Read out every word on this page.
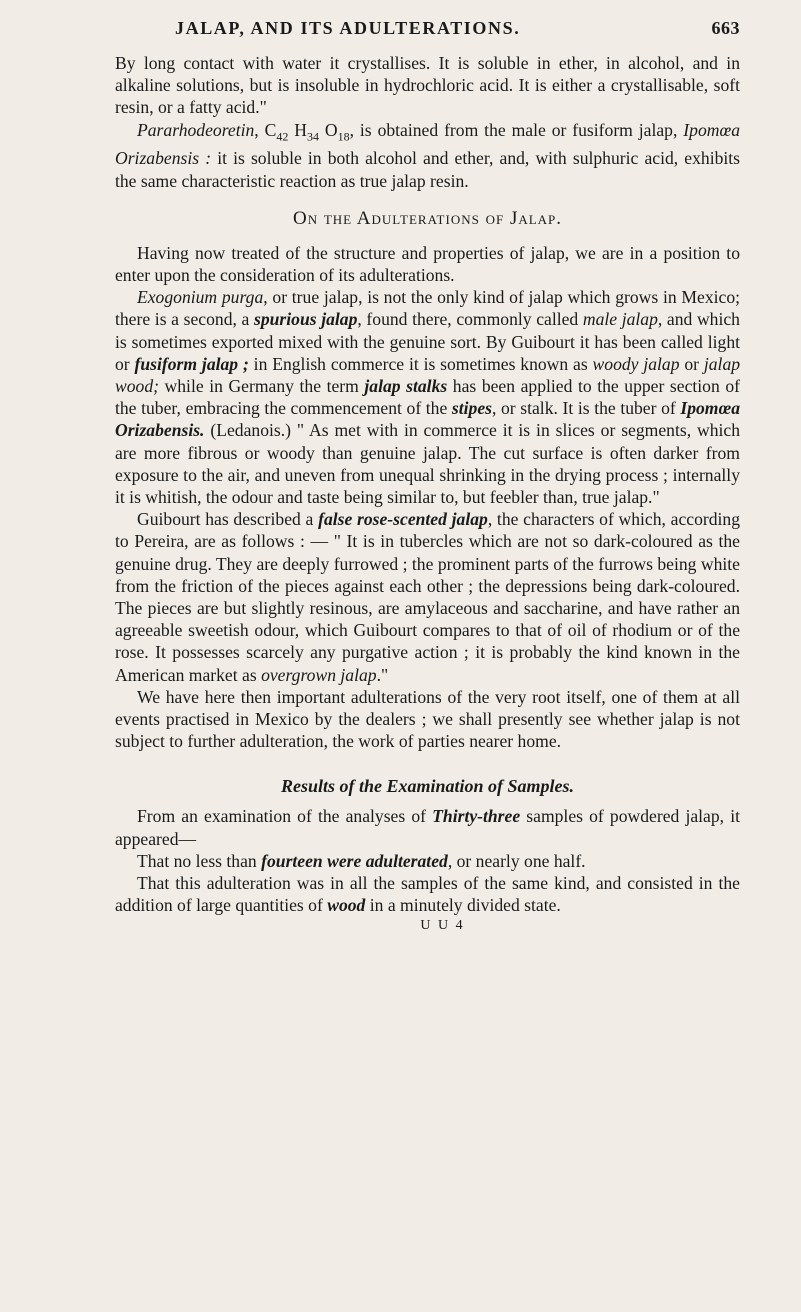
JALAP, AND ITS ADULTERATIONS.	663

By long contact with water it crystallises. It is soluble in ether, in alcohol, and in alkaline solutions, but is insoluble in hydrochloric acid. It is either a crystallisable, soft resin, or a fatty acid."

Pararhodeoretin, $C_{42}$ $H_{34}$ $O_{18}$, is obtained from the male or fusiform jalap, Ipomœa Orizabensis : it is soluble in both alcohol and ether, and, with sulphuric acid, exhibits the same characteristic reaction as true jalap resin.

On the Adulterations of Jalap.

Having now treated of the structure and properties of jalap, we are in a position to enter upon the consideration of its adulterations.

Exogonium purga, or true jalap, is not the only kind of jalap which grows in Mexico; there is a second, a spurious jalap, found there, commonly called male jalap, and which is sometimes exported mixed with the genuine sort. By Guibourt it has been called light or fusiform jalap ; in English commerce it is sometimes known as woody jalap or jalap wood; while in Germany the term jalap stalks has been applied to the upper section of the tuber, embracing the commencement of the stipes, or stalk. It is the tuber of Ipomœa Orizabensis. (Ledanois.) " As met with in commerce it is in slices or segments, which are more fibrous or woody than genuine jalap. The cut surface is often darker from exposure to the air, and uneven from unequal shrinking in the drying process ; internally it is whitish, the odour and taste being similar to, but feebler than, true jalap."

Guibourt has described a false rose-scented jalap, the characters of which, according to Pereira, are as follows : — " It is in tubercles which are not so dark-coloured as the genuine drug. They are deeply furrowed ; the prominent parts of the furrows being white from the friction of the pieces against each other ; the depressions being dark-coloured. The pieces are but slightly resinous, are amylaceous and saccharine, and have rather an agreeable sweetish odour, which Guibourt compares to that of oil of rhodium or of the rose. It possesses scarcely any purgative action ; it is probably the kind known in the American market as overgrown jalap."

We have here then important adulterations of the very root itself, one of them at all events practised in Mexico by the dealers ; we shall presently see whether jalap is not subject to further adulteration, the work of parties nearer home.

Results of the Examination of Samples.

From an examination of the analyses of Thirty-three samples of powdered jalap, it appeared—

That no less than fourteen were adulterated, or nearly one half.

That this adulteration was in all the samples of the same kind, and consisted in the addition of large quantities of wood in a minutely divided state.

U U 4
